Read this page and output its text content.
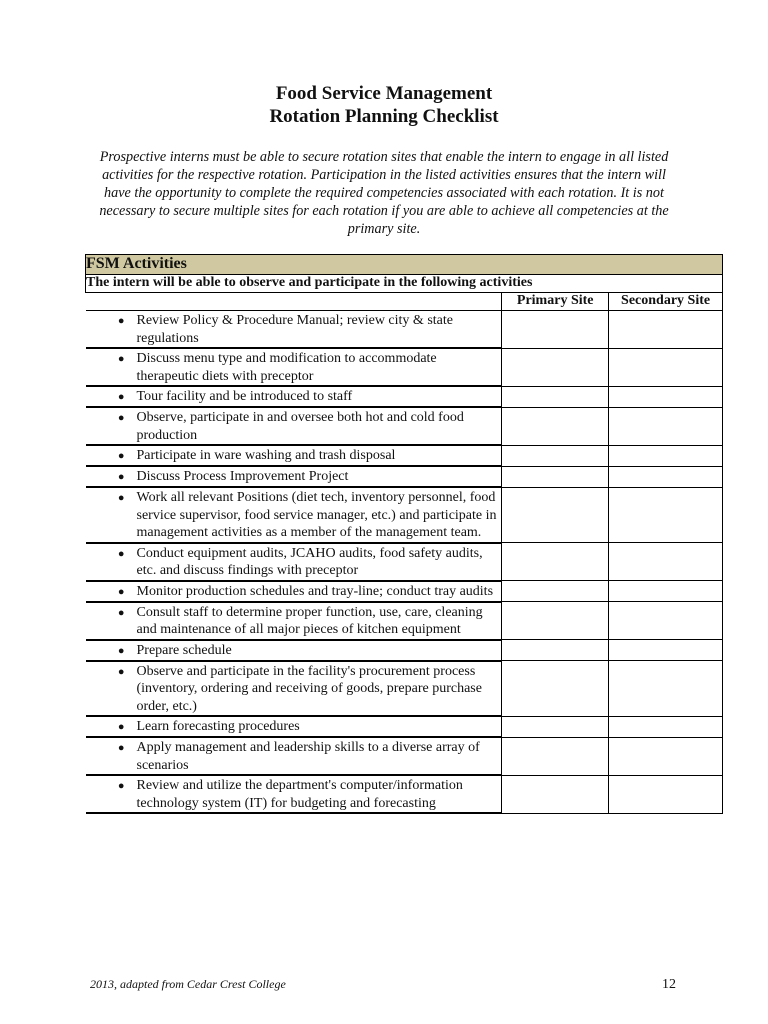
Food Service Management
Rotation Planning Checklist
Prospective interns must be able to secure rotation sites that enable the intern to engage in all listed activities for the respective rotation. Participation in the listed activities ensures that the intern will have the opportunity to complete the required competencies associated with each rotation. It is not necessary to secure multiple sites for each rotation if you are able to achieve all competencies at the primary site.
FSM Activities		
The intern will be able to observe and participate in the following activities		
	Primary Site	Secondary Site

● Review Policy & Procedure Manual; review city & state regulations		

● Discuss menu type and modification to accommodate therapeutic diets with preceptor		

● Tour facility and be introduced to staff		

● Observe, participate in and oversee both hot and cold food production		

● Participate in ware washing and trash disposal		

● Discuss Process Improvement Project		

● Work all relevant Positions (diet tech, inventory personnel, food service supervisor, food service manager, etc.) and participate in management activities as a member of the management team.		

● Conduct equipment audits, JCAHO audits, food safety audits, etc. and discuss findings with preceptor		

● Monitor production schedules and tray-line; conduct tray audits		

● Consult staff to determine proper function, use, care, cleaning and maintenance of all major pieces of kitchen equipment		

● Prepare schedule		

● Observe and participate in the facility's procurement process (inventory, ordering and receiving of goods, prepare purchase order, etc.)		

● Learn forecasting procedures		

● Apply management and leadership skills to a diverse array of scenarios		

● Review and utilize the department's computer/information technology system (IT) for budgeting and forecasting		

2013, adapted from Cedar Crest College	12
